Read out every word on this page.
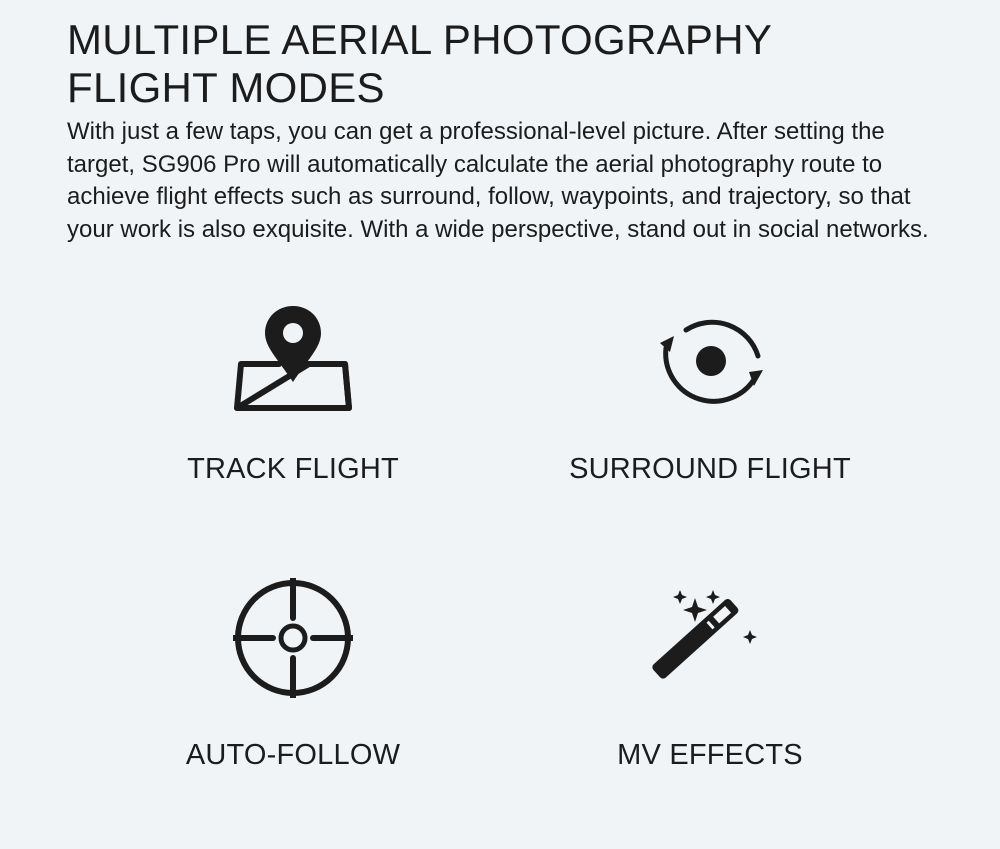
MULTIPLE AERIAL PHOTOGRAPHY
FLIGHT MODES

With just a few taps, you can get a professional-level picture. After setting the target, SG906 Pro will automatically calculate the aerial photography route to achieve flight effects such as surround, follow, waypoints, and trajectory, so that your work is also exquisite. With a wide perspective, stand out in social networks.

TRACK FLIGHT	SURROUND FLIGHT
AUTO-FOLLOW	MV EFFECTS
